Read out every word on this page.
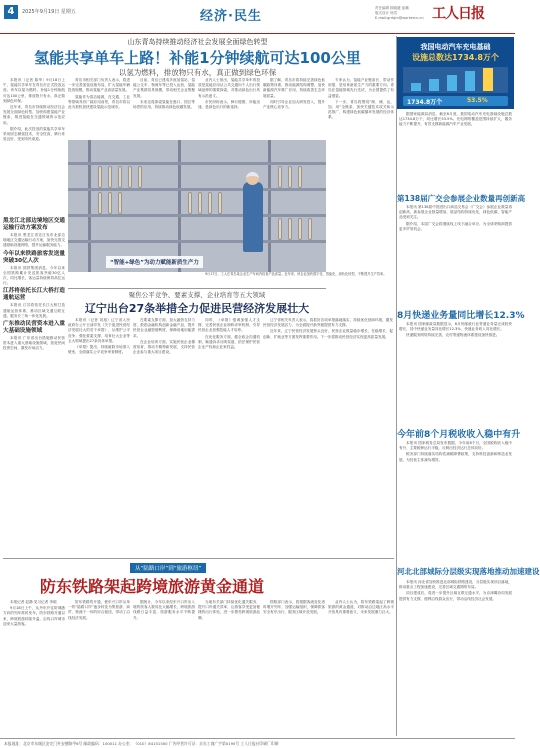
4	2025年9月19日 星期五	经济·民生
责任编辑 顾晓婕 崔鹏
版式设计 杨雪
E-mail:grrbjm@workercn.cn 工人日报
山东青岛持续推动经济社会发展全面绿色转型
氢能共享单车上路！补能1分钟续航可达100公里
以氢为燃料，排放物只有水，真正做到绿色环保

本报讯（记者 陈华）9月18日上午，氢能共享单车在青岛市正式投放运营。该车以氢为燃料，补能1分钟续航可达100公里，排放物只有水，真正做到绿色环保。

近年来，青岛市持续推动经济社会发展全面绿色转型，加快构建氢能产业链条，推进氢能在交通领域的示范应用。

据介绍，此次投放的氢能共享单车采用固态储氢技术，安全性高，骑行体验良好，受到市民欢迎。

青岛市相关部门负责人表示，将进一步完善加氢设施布局，扩大氢能车辆投放规模，推动氢能产业高质量发展。

氢能作为清洁能源，在交通、工业等领域具有广阔应用前景，青岛市将以此为契机加快建设氢能示范城市。

目前，青岛已建成多座加氢站，氢能公交车、物流车等已投入运营，氢能产业集群初具规模，带动相关企业集聚发展。

未来还将探索氢能在港口、园区等场景的应用，持续推动绿色低碳发展。

业内人士指出，氢能共享单车的投放是氢能应用从公共交通向个人出行领域延伸的重要探索，对推动绿色出行具有示范意义。

市民纷纷表示，骑行便捷、补能迅速，是绿色出行的新选择。

据了解，青岛市将持续完善绿色低碳政策体系，推动能源结构调整，加快新能源汽车推广应用，持续改善生态环境质量。

同时引导企业加大研发投入，提升产业核心竞争力。

专家认为，氢能产业链条长、带动作用强，是培育新质生产力的重要方向。青岛在氢能领域先行先试，为全国提供了有益借鉴。

下一步，青岛将围绕“制、储、运、加、用”全链条，加快关键技术攻关和示范推广，构建绿色低碳循环发展的经济体系。

“智能+绿色”为动力赋能新质生产力

9月17日，工人在青岛某企业生产车间内检查产品质量。近年来，该企业加快数字化、智能化、绿色化转型，不断提升生产效率。

聚焦公平竞争、要素支撑、企业培育等五大领域
辽宁出台27条举措全力促进民营经济发展壮大

本报讯（记者 刘旭）辽宁省人民政府办公厅日前印发《关于促进民营经济发展壮大的若干举措》，从维护公平竞争、强化要素支撑、培育壮大企业等五大领域提出27条具体举措。

《举措》提出，持续破除市场准入壁垒，全面落实公平竞争审查制度。

在要素支撑方面，加大融资支持力度，鼓励金融机构创新金融产品，提升民营企业融资便利度，保障用地用能需求。

在企业培育方面，实施民营企业梯度培育，推动专精特新发展，支持民营企业参与重大项目建设。

同时，《举措》强调加强人才支撑，完善民营企业职称评审机制，引导民营企业加强技能人才培养。

在优化服务方面，健全政企沟通机制，畅通诉求反映渠道，依法保护民营企业产权和企业家权益。

辽宁省相关负责人表示，将抓好各项举措落地落实，持续优化营商环境，激发民营经济发展活力，为全面振兴新突破提供有力支撑。

近年来，辽宁民营经济发展势头良好，民营企业数量稳步增长，在稳增长、促创新、扩就业等方面发挥重要作用。下一步将推动民营经济实现更高质量发展。

黑龙江北部边境地区交通运输行动方案发布

本报讯 黑龙江省近日发布北部边境地区交通运输行动方案，加快完善交通基础设施网络，提升运输服务能力。

今年以来铁路旅客发送量突破30亿人次

本报讯 国铁集团消息，今年以来全国铁路累计发送旅客突破30亿人次，同比增长，客运量持续保持高位运行。

江苏将依托长江大桥打造通航运营

本报讯 江苏将依托长江大桥打造通航运营体系，推动区域交通互联互通，服务长三角一体化发展。

广东推动民营资本进入重大基础设施领域

本报讯 广东省出台措施推动民营资本进入重大基础设施领域，拓宽民间投资空间，激发市场活力。

从“陆路口岸”到“旅游枢纽”
防东铁路架起跨境旅游黄金通道

本报记者 赵静 见习记者 李硕

9月18日上午，从丹东开往防城港方向的列车准时发车。防东铁路开通以来，跨境旅游持续升温，沿线口岸城市迎来大量游客。

防东铁路的开通，使东兴口岸从单一的“陆路口岸”逐步转变为集旅游、商贸、物流于一体的综合枢纽，带动了沿线经济发展。

据统计，今年以来经东兴口岸出入境的旅客人数同比大幅增长，跨境旅游线路日益丰富，旅游服务水平不断提升。

当地有关部门持续优化通关服务，提升口岸通关效率，让游客享受更加便捷的出行体验，进一步擦亮跨境旅游品牌。

铁路部门表示，将根据客流变化适时增开列车，加强运输组织，保障旅客安全有序出行，服务区域开放发展。

业内人士认为，防东铁路架起了跨境旅游的黄金通道，对推动沿边地区高水平开放具有重要意义，未来发展潜力巨大。

我国电动汽车充电基础
设施总数达1734.8万个
1734.8万个	53.5%
第138届广交会参展企业数量再创新高

据国家能源局消息，截至8月底，我国电动汽车充电基础设施总数达1734.8万个，同比增长53.5%。充电网络覆盖范围持续扩大，服务能力不断提升，有效支撑新能源汽车产业发展。

本报讯 第138届中国进出口商品交易会（广交会）参展企业数量再创新高，新参展企业数量增加，展品结构持续优化，绿色低碳、智能产品受到关注。

据介绍，本届广交会将继续线上线下融合举办，为全球采购商提供更多贸易机会。

8月快递业务量同比增长12.3%

本报讯 国家邮政局数据显示，8月份邮政行业寄递业务量完成较快增长，其中快递业务量同比增长12.3%，快递业务收入同比增长。

快递服务网络持续完善，农村寄递物流体系建设加快推进。

今年前8个月税收收入稳中有升

本报讯 国家税务总局发布数据，今年前8个月，全国税收收入稳中有升，主要税种运行平稳，反映出经济运行总体向好。

税务部门持续落实结构性减税降费政策，支持科技创新和制造业发展，为经营主体减负增效。

河北北部城际分层级实现落地推动加速建设

本报讯 河北省加快推进北部城际铁路建设，分层级实现项目落地，推动重点工程加速建设，完善区域交通网络布局。

项目建成后，将进一步提升区域互联互通水平，为京津冀协同发展提供有力支撑，便利沿线群众出行，带动沿线经济社会发展。

本报地址：北京市东城区安定门外安德路甲6号 邮政编码：100011 办公室：（010）84151500 广告经营许可证：京东工商广字第0195号 工人日报社印刷厂印刷
